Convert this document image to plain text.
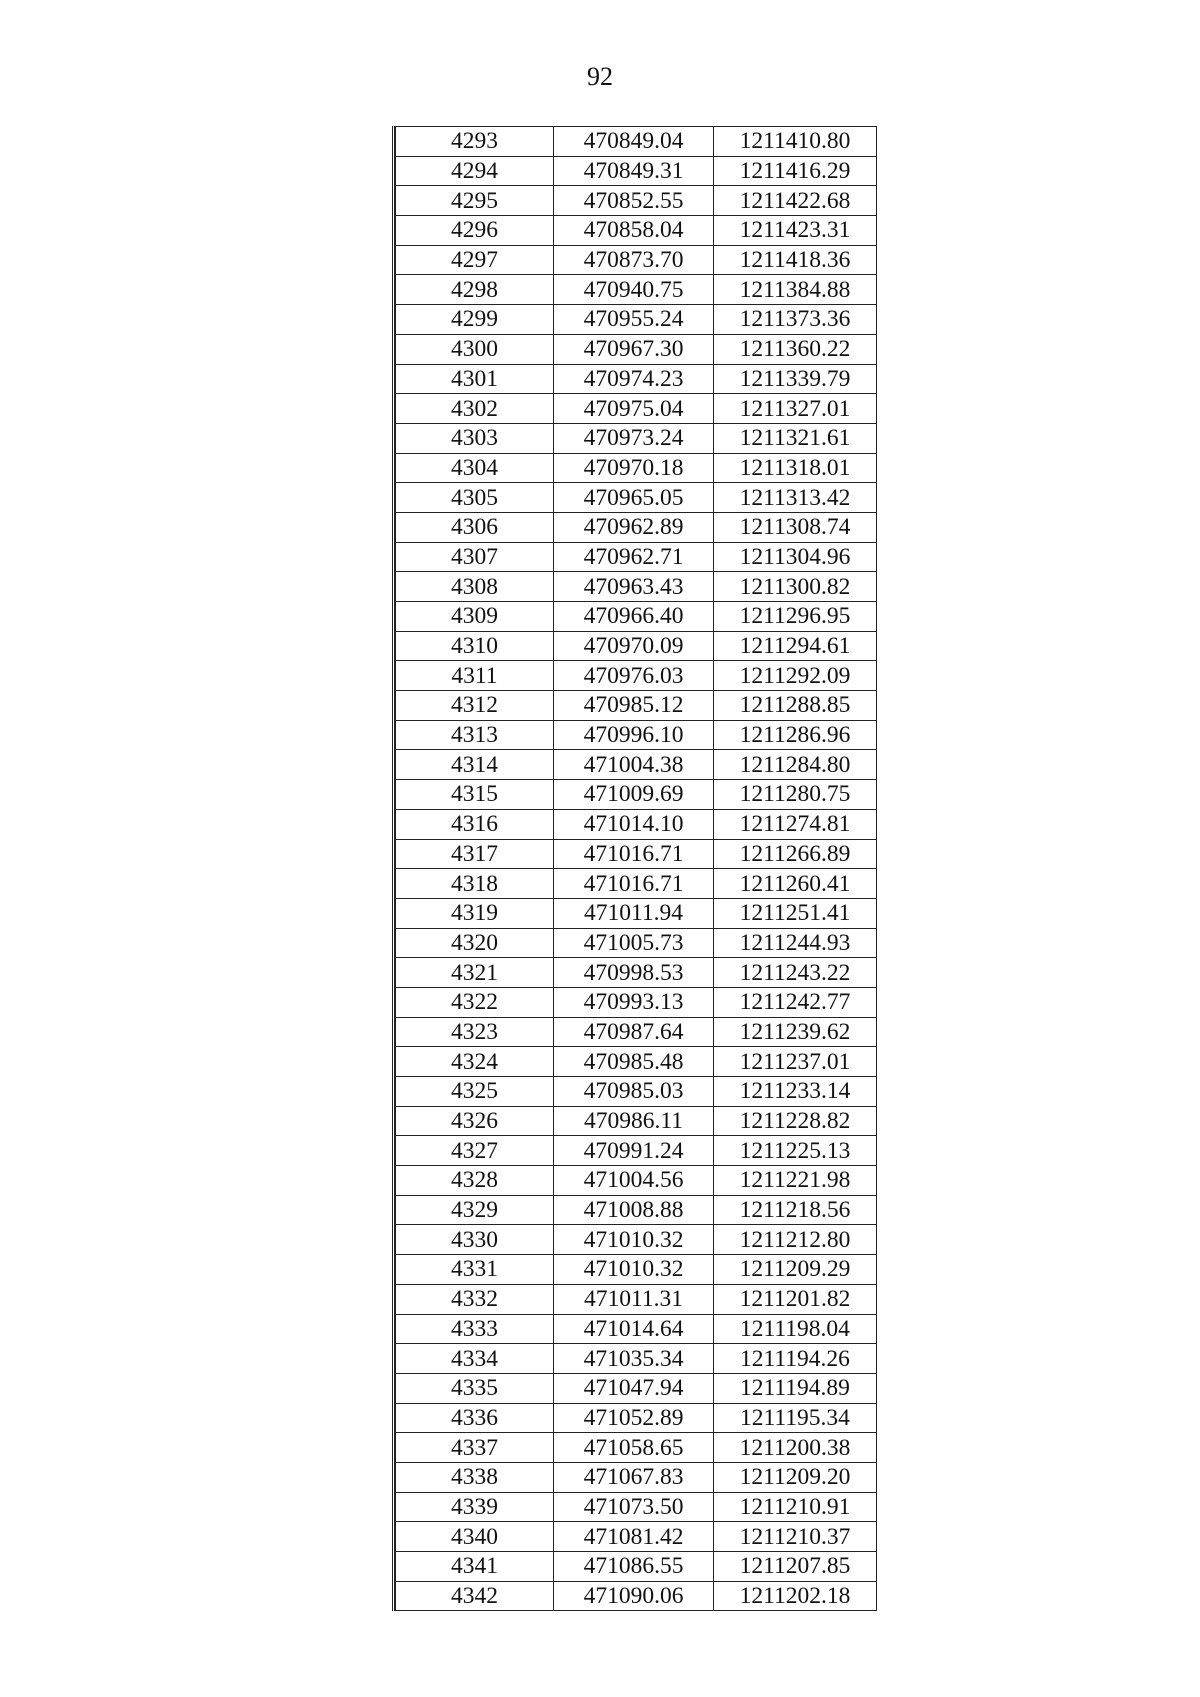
92
4293	470849.04	1211410.80
4294	470849.31	1211416.29
4295	470852.55	1211422.68
4296	470858.04	1211423.31
4297	470873.70	1211418.36
4298	470940.75	1211384.88
4299	470955.24	1211373.36
4300	470967.30	1211360.22
4301	470974.23	1211339.79
4302	470975.04	1211327.01
4303	470973.24	1211321.61
4304	470970.18	1211318.01
4305	470965.05	1211313.42
4306	470962.89	1211308.74
4307	470962.71	1211304.96
4308	470963.43	1211300.82
4309	470966.40	1211296.95
4310	470970.09	1211294.61
4311	470976.03	1211292.09
4312	470985.12	1211288.85
4313	470996.10	1211286.96
4314	471004.38	1211284.80
4315	471009.69	1211280.75
4316	471014.10	1211274.81
4317	471016.71	1211266.89
4318	471016.71	1211260.41
4319	471011.94	1211251.41
4320	471005.73	1211244.93
4321	470998.53	1211243.22
4322	470993.13	1211242.77
4323	470987.64	1211239.62
4324	470985.48	1211237.01
4325	470985.03	1211233.14
4326	470986.11	1211228.82
4327	470991.24	1211225.13
4328	471004.56	1211221.98
4329	471008.88	1211218.56
4330	471010.32	1211212.80
4331	471010.32	1211209.29
4332	471011.31	1211201.82
4333	471014.64	1211198.04
4334	471035.34	1211194.26
4335	471047.94	1211194.89
4336	471052.89	1211195.34
4337	471058.65	1211200.38
4338	471067.83	1211209.20
4339	471073.50	1211210.91
4340	471081.42	1211210.37
4341	471086.55	1211207.85
4342	471090.06	1211202.18
